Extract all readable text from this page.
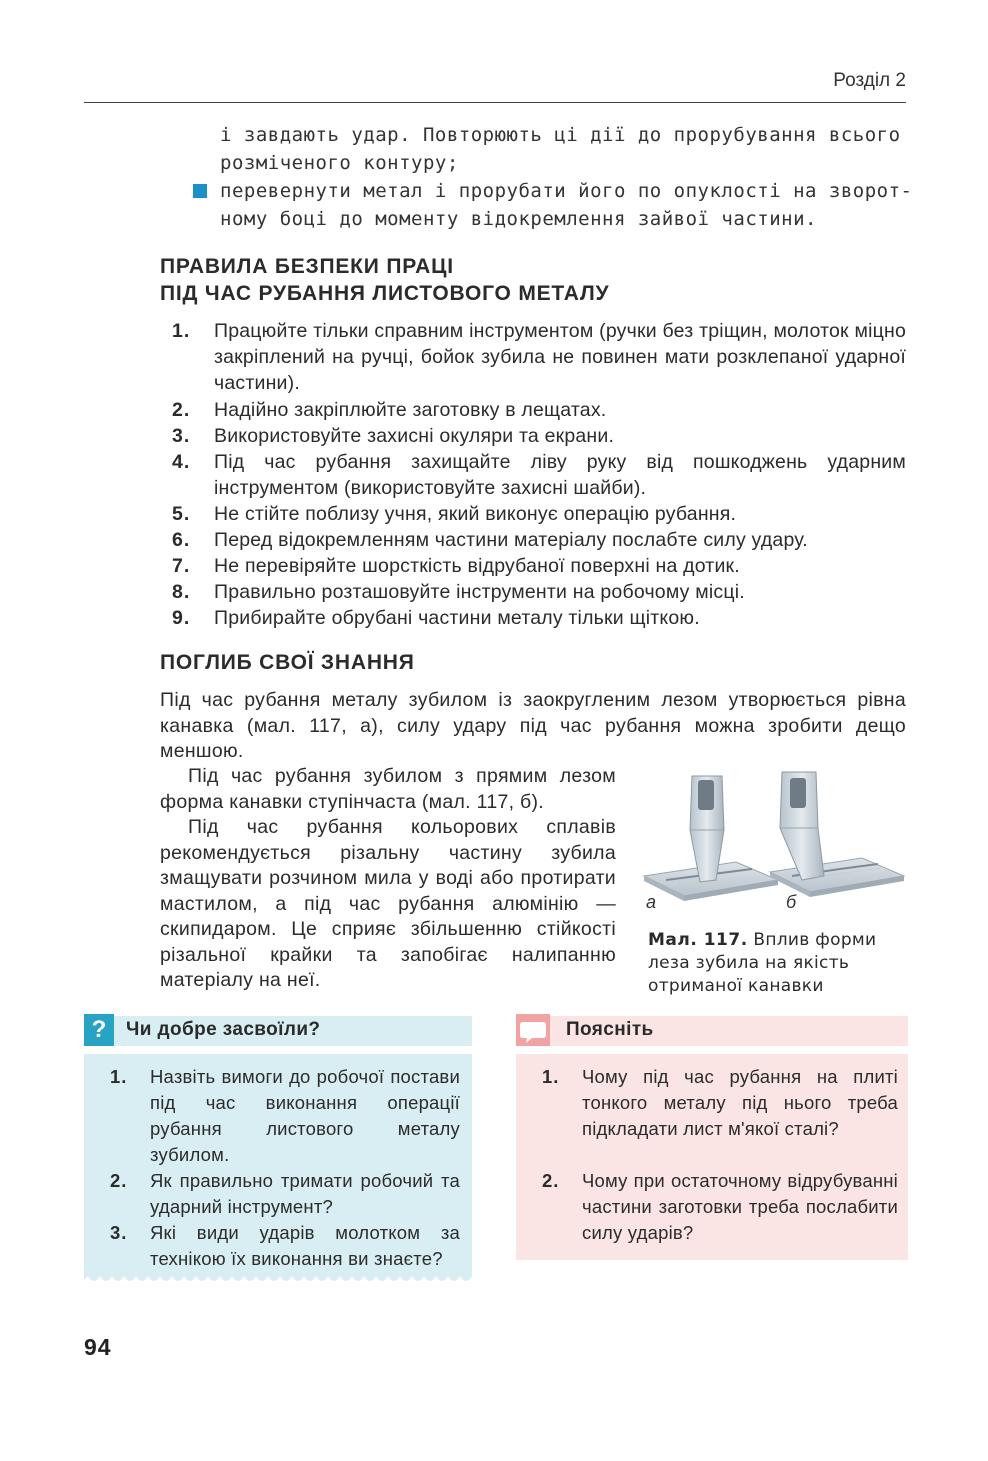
Розділ 2
і завдають удар. Повторюють ці дії до прорубування всього
розміченого контуру;
перевернути метал і прорубати його по опуклості на зворот-
ному боці до моменту відокремлення зайвої частини.
ПРАВИЛА БЕЗПЕКИ ПРАЦІ
ПІД ЧАС РУБАННЯ ЛИСТОВОГО МЕТАЛУ
1. Працюйте тільки справним інструментом (ручки без тріщин, молоток міцно закріплений на ручці, бойок зубила не повинен мати розклепаної ударної частини).
2. Надійно закріплюйте заготовку в лещатах.
3. Використовуйте захисні окуляри та екрани.
4. Під час рубання захищайте ліву руку від пошкоджень ударним інструментом (використовуйте захисні шайби).
5. Не стійте поблизу учня, який виконує операцію рубання.
6. Перед відокремленням частини матеріалу послабте силу удару.
7. Не перевіряйте шорсткість відрубаної поверхні на дотик.
8. Правильно розташовуйте інструменти на робочому місці.
9. Прибирайте обрубані частини металу тільки щіткою.
ПОГЛИБ СВОЇ ЗНАННЯ
Під час рубання металу зубилом із заокругленим лезом утворюється рівна канавка (мал. 117, а), силу удару під час рубання можна зробити дещо меншою.
Під час рубання зубилом з прямим лезом форма канавки ступінчаста (мал. 117, б).
Під час рубання кольорових сплавів рекомендується різальну частину зубила змащувати розчином мила у воді або протирати мастилом, а під час рубання алюмінію — скипидаром. Це сприяє збільшенню стійкості різальної крайки та запобігає налипанню матеріалу на неї.
а	б
Мал. 117. Вплив форми леза зубила на якість отриманої канавки
?	Чи добре засвоїли?
1. Назвіть вимоги до робочої постави під час виконання операції рубання листового металу зубилом.
2. Як правильно тримати робочий та ударний інструмент?
3. Які види ударів молотком за технікою їх виконання ви знаєте?
Поясніть
1. Чому під час рубання на плиті тонкого металу під нього треба підкладати лист м'якої сталі?
2. Чому при остаточному відрубуванні частини заготовки треба послабити силу ударів?
94
